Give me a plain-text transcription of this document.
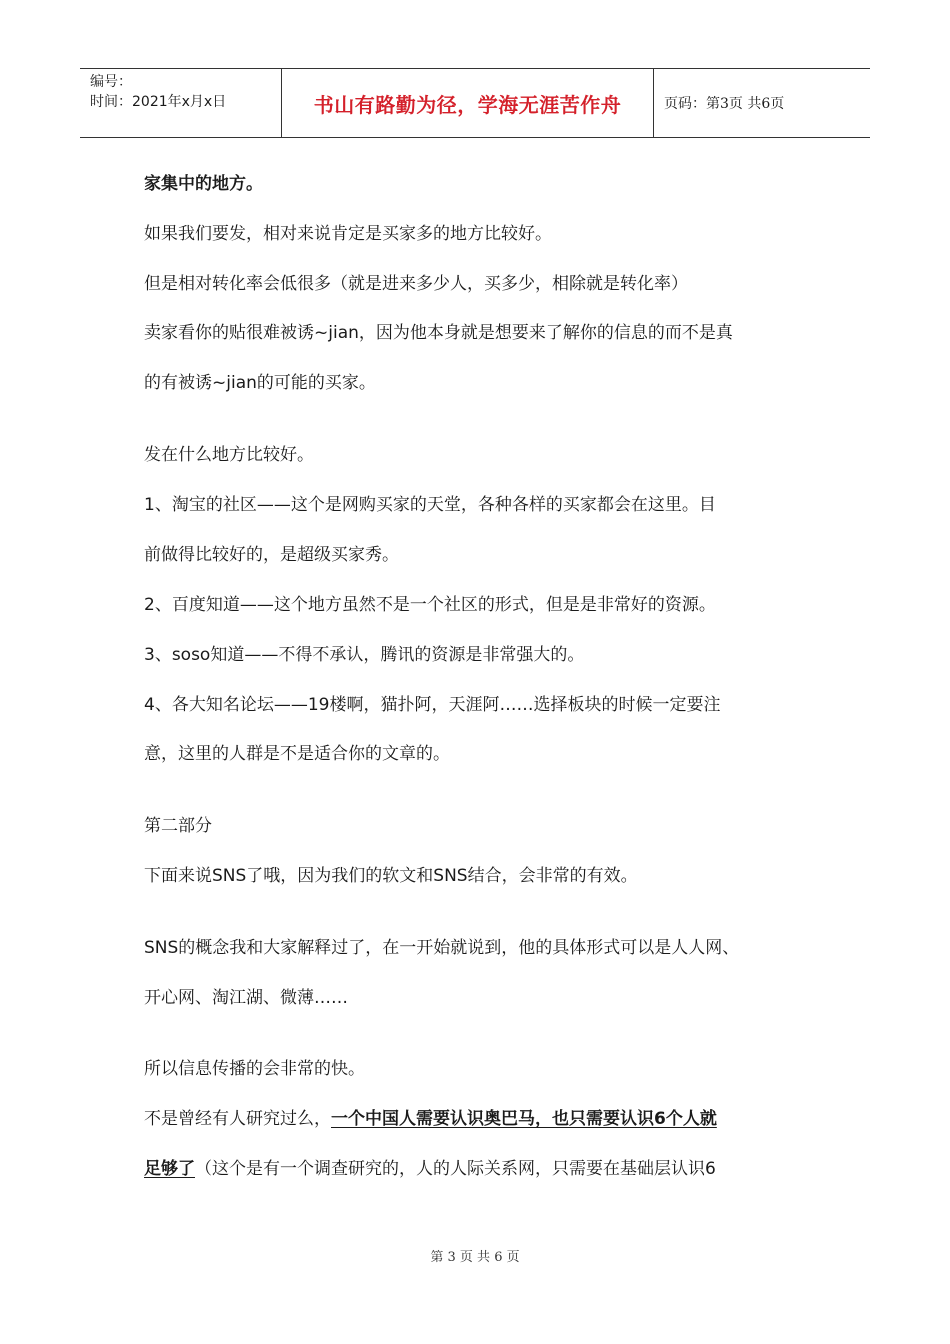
编号：
时间：2021年x月x日	书山有路勤为径，学海无涯苦作舟	页码：第3页 共6页

家集中的地方。

如果我们要发，相对来说肯定是买家多的地方比较好。

但是相对转化率会低很多（就是进来多少人，买多少，相除就是转化率）

卖家看你的贴很难被诱~jian，因为他本身就是想要来了解你的信息的而不是真

的有被诱~jian的可能的买家。

发在什么地方比较好。

1、淘宝的社区——这个是网购买家的天堂，各种各样的买家都会在这里。目

前做得比较好的，是超级买家秀。

2、百度知道——这个地方虽然不是一个社区的形式，但是是非常好的资源。

3、soso知道——不得不承认，腾讯的资源是非常强大的。

4、各大知名论坛——19楼啊，猫扑阿，天涯阿……选择板块的时候一定要注

意，这里的人群是不是适合你的文章的。

第二部分

下面来说SNS了哦，因为我们的软文和SNS结合，会非常的有效。

SNS的概念我和大家解释过了，在一开始就说到，他的具体形式可以是人人网、

开心网、淘江湖、微薄……

所以信息传播的会非常的快。

不是曾经有人研究过么，一个中国人需要认识奥巴马，也只需要认识6个人就

足够了（这个是有一个调查研究的，人的人际关系网，只需要在基础层认识6

第 3 页 共 6 页
